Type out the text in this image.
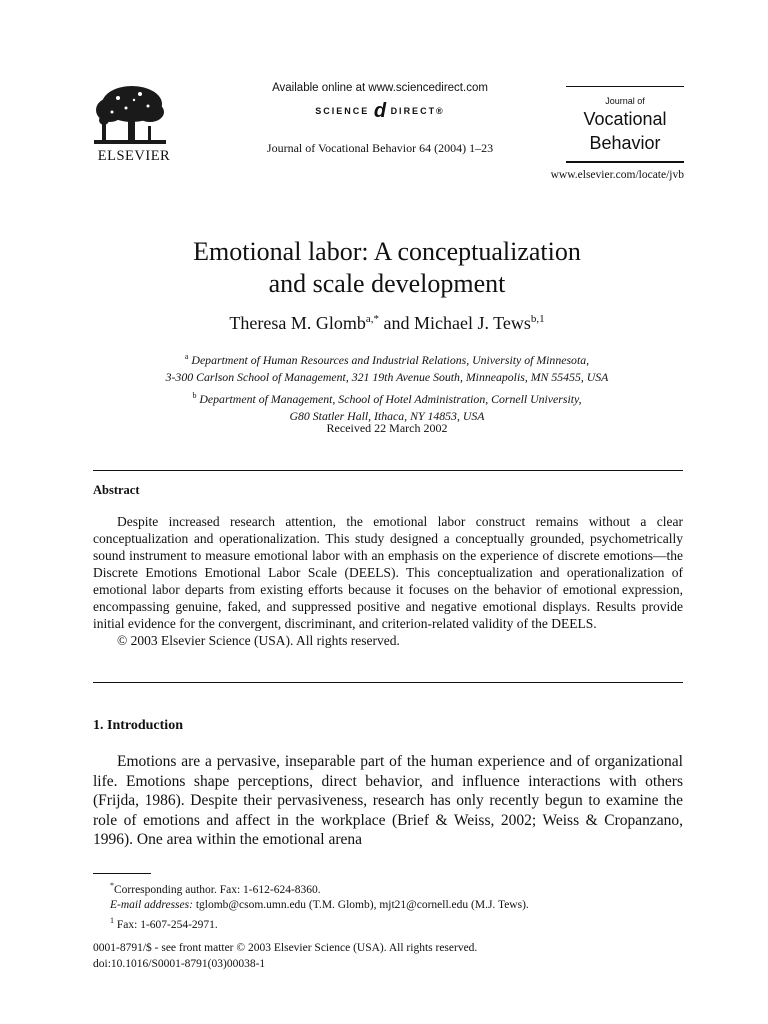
ELSEVIER
Available online at www.sciencedirect.com
SCIENCE d DIRECT®
Journal of Vocational Behavior 64 (2004) 1–23
Journal of
Vocational
Behavior
www.elsevier.com/locate/jvb
Emotional labor: A conceptualization
and scale development
Theresa M. Glomb$^{a,*}$ and Michael J. Tews$^{b,1}$
$^a$ Department of Human Resources and Industrial Relations, University of Minnesota,
3-300 Carlson School of Management, 321 19th Avenue South, Minneapolis, MN 55455, USA
$^b$ Department of Management, School of Hotel Administration, Cornell University,
G80 Statler Hall, Ithaca, NY 14853, USA
Received 22 March 2002
Abstract

Despite increased research attention, the emotional labor construct remains without a clear conceptualization and operationalization. This study designed a conceptually grounded, psychometrically sound instrument to measure emotional labor with an emphasis on the experience of discrete emotions—the Discrete Emotions Emotional Labor Scale (DEELS). This conceptualization and operationalization of emotional labor departs from existing efforts because it focuses on the behavior of emotional expression, encompassing genuine, faked, and suppressed positive and negative emotional displays. Results provide initial evidence for the convergent, discriminant, and criterion-related validity of the DEELS.

© 2003 Elsevier Science (USA). All rights reserved.

1. Introduction

Emotions are a pervasive, inseparable part of the human experience and of organizational life. Emotions shape perceptions, direct behavior, and influence interactions with others (Frijda, 1986). Despite their pervasiveness, research has only recently begun to examine the role of emotions and affect in the workplace (Brief & Weiss, 2002; Weiss & Cropanzano, 1996). One area within the emotional arena

*Corresponding author. Fax: 1-612-624-8360.

E-mail addresses: tglomb@csom.umn.edu (T.M. Glomb), mjt21@cornell.edu (M.J. Tews).

$^1$ Fax: 1-607-254-2971.

0001-8791/$ - see front matter © 2003 Elsevier Science (USA). All rights reserved.

doi:10.1016/S0001-8791(03)00038-1
